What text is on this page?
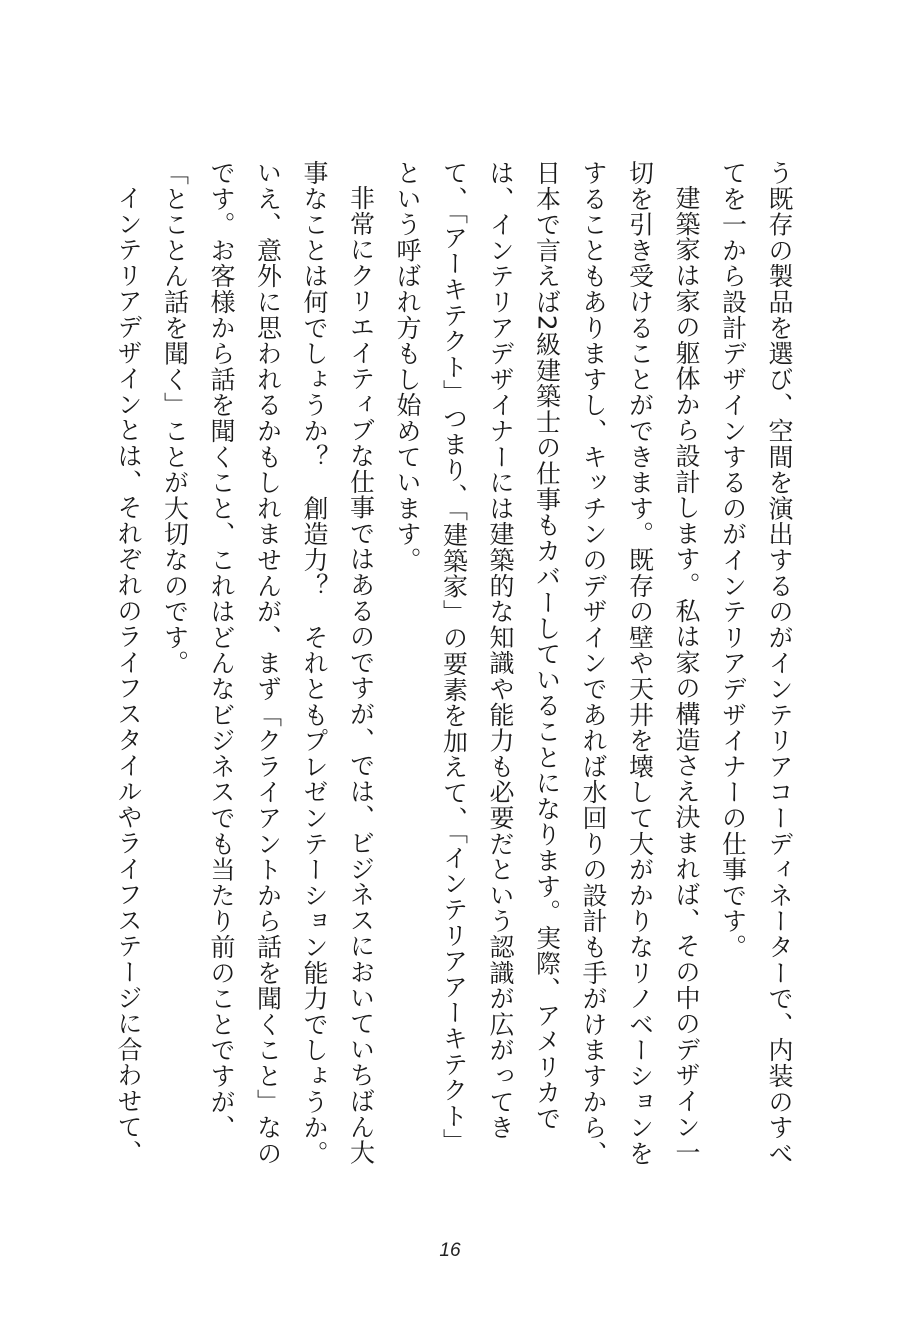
う既存の製品を選び、空間を演出するのがインテリアコーディネーターで、内装のすべてを一から設計デザインするのがインテリアデザイナーの仕事です。

建築家は家の躯体から設計します。私は家の構造さえ決まれば、その中のデザイン一切を引き受けることができます。既存の壁や天井を壊して大がかりなリノベーションをすることもありますし、キッチンのデザインであれば水回りの設計も手がけますから、日本で言えば2級建築士の仕事もカバーしていることになります。実際、アメリカでは、インテリアデザイナーには建築的な知識や能力も必要だという認識が広がってきて、「アーキテクト」つまり、「建築家」の要素を加えて、「インテリアアーキテクト」という呼ばれ方もし始めています。

非常にクリエイティブな仕事ではあるのですが、では、ビジネスにおいていちばん大事なことは何でしょうか？　創造力？　それともプレゼンテーション能力でしょうか。いえ、意外に思われるかもしれませんが、まず「クライアントから話を聞くこと」なのです。お客様から話を聞くこと、これはどんなビジネスでも当たり前のことですが、「とことん話を聞く」ことが大切なのです。

インテリアデザインとは、それぞれのライフスタイルやライフステージに合わせて、

16
